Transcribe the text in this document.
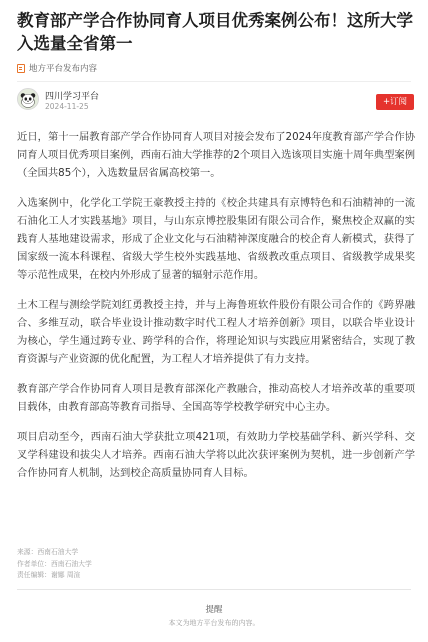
教育部产学合作协同育人项目优秀案例公布！这所大学入选量全省第一
地方平台发布内容
四川学习平台
2024-11-25	+订阅

近日，第十一届教育部产学合作协同育人项目对接会发布了2024年度教育部产学合作协同育人项目优秀项目案例，西南石油大学推荐的2个项目入选该项目实施十周年典型案例（全国共85个），入选数量居省属高校第一。

入选案例中，化学化工学院王豪教授主持的《校企共建具有京博特色和石油精神的一流石油化工人才实践基地》项目，与山东京博控股集团有限公司合作，聚焦校企双赢的实践育人基地建设需求，形成了企业文化与石油精神深度融合的校企育人新模式，获得了国家级一流本科课程、省级大学生校外实践基地、省级教改重点项目、省级教学成果奖等示范性成果，在校内外形成了显著的辐射示范作用。

土木工程与测绘学院刘红勇教授主持，并与上海鲁班软件股份有限公司合作的《跨界融合、多维互动，联合毕业设计推动数字时代工程人才培养创新》项目，以联合毕业设计为核心，学生通过跨专业、跨学科的合作，将理论知识与实践应用紧密结合，实现了教育资源与产业资源的优化配置，为工程人才培养提供了有力支持。

教育部产学合作协同育人项目是教育部深化产教融合，推动高校人才培养改革的重要项目载体，由教育部高等教育司指导、全国高等学校教学研究中心主办。

项目启动至今，西南石油大学获批立项421项，有效助力学校基础学科、新兴学科、交叉学科建设和拔尖人才培养。西南石油大学将以此次获评案例为契机，进一步创新产学合作协同育人机制，达到校企高质量协同育人目标。

来源：西南石油大学
作者单位：西南石油大学
责任编辑：谢娜 周渲
提醒
本文为地方平台发布的内容。
